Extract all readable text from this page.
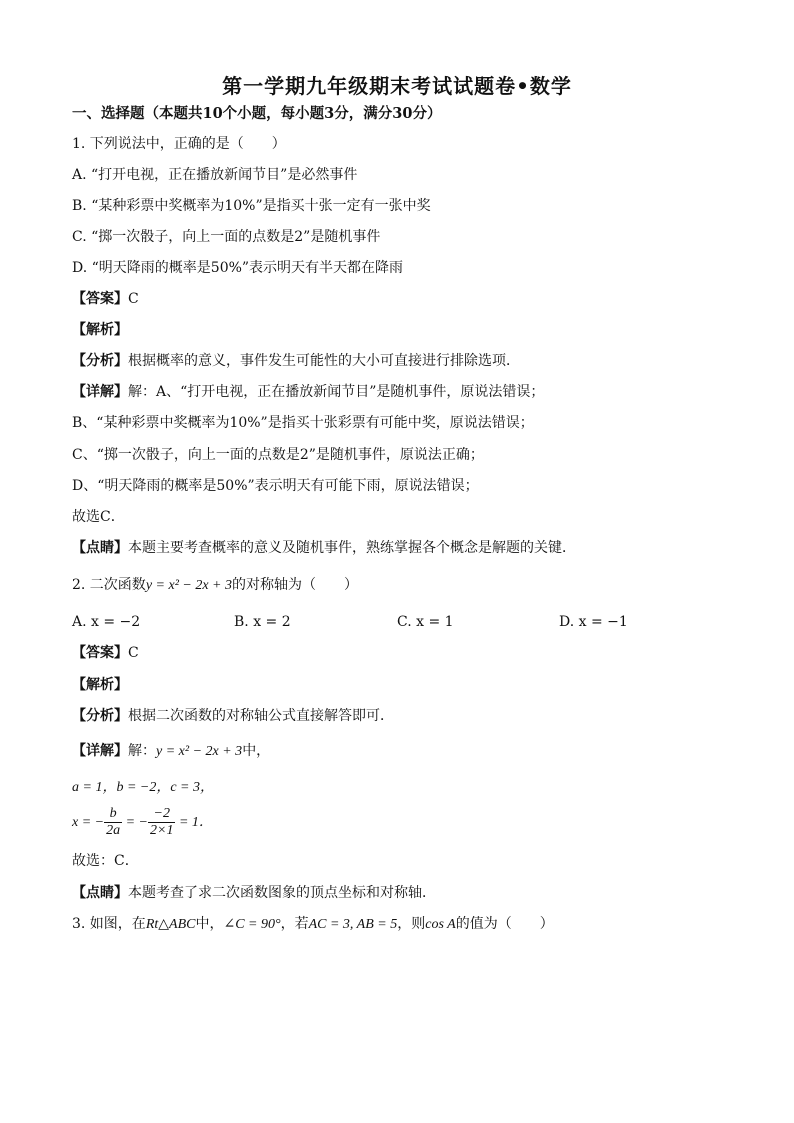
第一学期九年级期末考试试题卷•数学
一、选择题（本题共10个小题，每小题3分，满分30分）
1. 下列说法中，正确的是（　　）
A. “打开电视，正在播放新闻节目”是必然事件
B. “某种彩票中奖概率为10%”是指买十张一定有一张中奖
C. “掷一次骰子，向上一面的点数是2”是随机事件
D. “明天降雨的概率是50%”表示明天有半天都在降雨
【答案】C
【解析】
【分析】根据概率的意义，事件发生可能性的大小可直接进行排除选项．
【详解】解：A、“打开电视，正在播放新闻节目”是随机事件，原说法错误；
B、“某种彩票中奖概率为10%”是指买十张彩票有可能中奖，原说法错误；
C、“掷一次骰子，向上一面的点数是2”是随机事件，原说法正确；
D、“明天降雨的概率是50%”表示明天有可能下雨，原说法错误；
故选C．
【点睛】本题主要考查概率的意义及随机事件，熟练掌握各个概念是解题的关键．
2. 二次函数y = x² − 2x + 3的对称轴为（　　）
A. x = −2	B. x = 2	C. x = 1	D. x = −1
【答案】C
【解析】
【分析】根据二次函数的对称轴公式直接解答即可．
【详解】解：y = x² − 2x + 3中，
a = 1，b = −2，c = 3，
x = − $\frac{b}{2a}$ = − $\frac{-2}{2\times 1} = 1$．
故选：C．
【点睛】本题考查了求二次函数图象的顶点坐标和对称轴．
3. 如图，在Rt△ABC中，∠C = 90°，若AC = 3, AB = 5，则cos A的值为（　　）
